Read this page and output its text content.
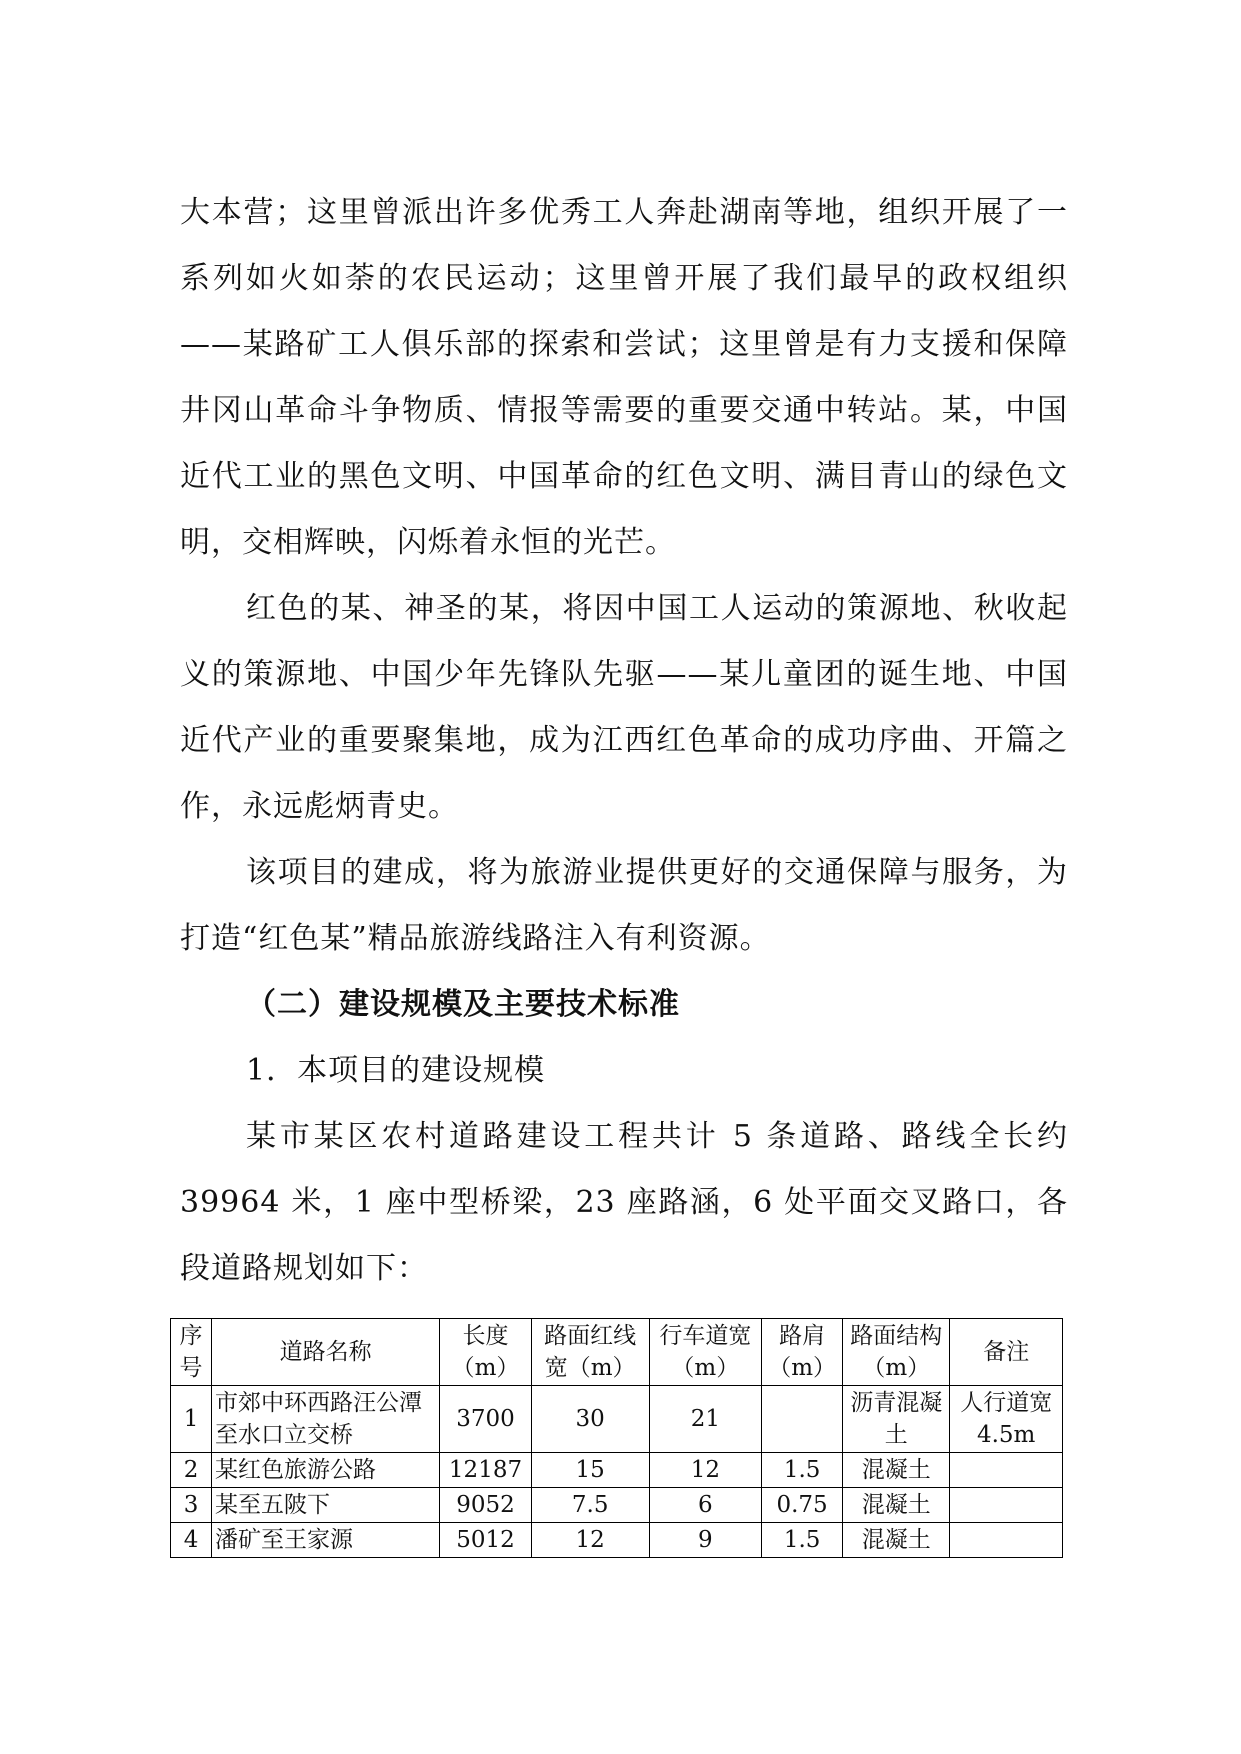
大本营；这里曾派出许多优秀工人奔赴湖南等地，组织开展了一系列如火如荼的农民运动；这里曾开展了我们最早的政权组织——某路矿工人俱乐部的探索和尝试；这里曾是有力支援和保障井冈山革命斗争物质、情报等需要的重要交通中转站。某，中国近代工业的黑色文明、中国革命的红色文明、满目青山的绿色文明，交相辉映，闪烁着永恒的光芒。

红色的某、神圣的某，将因中国工人运动的策源地、秋收起义的策源地、中国少年先锋队先驱——某儿童团的诞生地、中国近代产业的重要聚集地，成为江西红色革命的成功序曲、开篇之作，永远彪炳青史。

该项目的建成，将为旅游业提供更好的交通保障与服务，为打造“红色某”精品旅游线路注入有利资源。

（二）建设规模及主要技术标准

1．本项目的建设规模

某市某区农村道路建设工程共计 5 条道路、路线全长约 39964 米，1 座中型桥梁，23 座路涵，6 处平面交叉路口，各段道路规划如下：

序号	道路名称	长度（m）	路面红线宽（m）	行车道宽（m）	路肩（m）	路面结构（m）	备注
1	市郊中环西路汪公潭至水口立交桥	3700	30	21		沥青混凝土	人行道宽4.5m
2	某红色旅游公路	12187	15	12	1.5	混凝土	
3	某至五陂下	9052	7.5	6	0.75	混凝土	
4	潘矿至王家源	5012	12	9	1.5	混凝土	
